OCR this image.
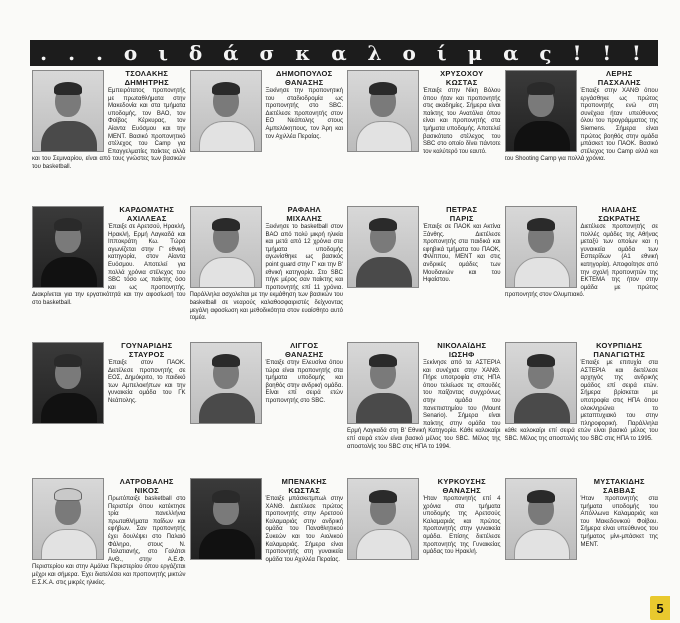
. . . ο ι δ ά σ κ α λ ο ί μ α ς ! ! !
ΤΣΟΛΑΚΗΣ
ΔΗΜΗΤΡΗΣ
Εμπειρότατος προπονητής με πρωταθλήματα στην Μακεδονία και στα τμήματα υποδομής, τον ΒΑΟ, τον Φοίβος Κέρκυρας, τον Αίαντα Ευόσμου και την ΜΕΝΤ. Βασικό προπονητικό στέλεχος του Camp για Επαγγελματίες παίκτες αλλά και του Σεμιναρίου, είναι από τους γνώστες των βασικών του basketball.
ΔΗΜΟΠΟΥΛΟΣ
ΘΑΝΑΣΗΣ
Ξεκίνησε την προπονητική του σταδιοδρομία ως προπονητής στο SBC. Διετέλεσε προπονητής στον ΕΟ Νεάπολης στους Αμπελόκηπους, τον Άρη και τον Αχιλλέα Περαίας.
ΧΡΥΣΟΧΟΥ
ΚΩΣΤΑΣ
Έπαιξε στην Νίκη Βόλου όπου ήταν και προπονητής στις ακαδημίες. Σήμερα είναι παίκτης του Ανατόλια όπου είναι και προπονητής στα τμήματα υποδομής. Αποτελεί βασικότατο στέλεχος του SBC στο οποίο δίνει πάντοτε τον καλύτερό του εαυτό.
ΛΕΡΗΣ
ΠΑΣΧΑΛΗΣ
Έπαιξε στην ΧΑΝΘ όπου εργάσθηκε ως πρώτος προπονητής ενώ στη συνέχεια ήταν υπεύθυνος όλου του προγράμματος της Siemens. Σήμερα είναι πρώτος βοηθός στην ομάδα μπάσκετ του ΠΑΟΚ. Βασικό στέλεχος του Camp αλλά και του Shooting Camp για πολλά χρόνια.
ΚΑΡΔΟΜΑΤΗΣ
ΑΧΙΛΛΕΑΣ
Έπαιξε σε Αρετσού, Ηρακλή, Ηρακλή, Ερμή Λαγκαδά και Ιπποκράτη Κω. Τώρα αγωνίζεται στην Γ' εθνική κατηγορία, στον Αίαντα Ευόσμου. Αποτελεί για πολλά χρόνια στέλεχος του SBC τόσο ως παίκτης όσο και ως προπονητής. Διακρίνεται για την εργατικότητά και την αφοσίωσή του στο basketball.
ΡΑΦΑΗΛ
ΜΙΧΑΛΗΣ
Ξεκίνησε το basketball στον ΒΑΟ από πολύ μικρή ηλικία και μετά από 12 χρόνια στα τμήματα υποδομής αγωνίσθηκε ως βασικός point guard στην Γ' και την Β' εθνική κατηγορία. Στο SBC πήγε μέρος σαν παίκτης και προπονητής επί 11 χρόνια. Παράλληλα ασχολείται με την εκμάθηση των βασικών του basketball σε νεαρούς καλαθοσφαιριστές δείχνοντας μεγάλη αφοσίωση και μεθοδικότητα στον ευαίσθητο αυτό τομέα.
ΠΕΤΡΑΣ
ΠΑΡΙΣ
Έπαιξε σε ΠΑΟΚ και Ακτίνα Ξάνθης. Διετέλεσε προπονητής στα παιδικά και εφηβικά τμήματα του ΠΑΟΚ, Φιλίππου, ΜΕΝΤ και στις ανδρικές ομάδες των Μουδανιών και του Ηφαίστου.
ΗΛΙΑΔΗΣ
ΣΩΚΡΑΤΗΣ
Διετέλεσε προπονητής σε πολλές ομάδες της Αθήνας μεταξύ των οποίων και η γυναικεία ομάδα των Εσπερίδων (Α1 εθνική κατηγορία). Αποφοίτησε από την σχολή προπονητών της ΕΚΤΕΜΑ της ήτον στην ομάδα με πρώτος προπονητής στον Ολυμπιακό.
ΓΟΥΝΑΡΙΔΗΣ
ΣΤΑΥΡΟΣ
Έπαιξε στον ΠΑΟΚ. Διετέλεσε προπονητής σε ΕΟΣ, Δημόκριτο, το παιδικό των Αμπελοκήπων και την γυναικεία ομάδα του ΓΚ Νεάπολης.
ΛΙΓΓΟΣ
ΘΑΝΑΣΗΣ
Έπαιξε στην Ελευσίνα όπου τώρα είναι προπονητής στα τμήματα υποδομής και βοηθός στην ανδρική ομάδα. Είναι επί σειρά ετών προπονητής στο SBC.
ΝΙΚΟΛΑΪΔΗΣ
ΙΩΣΗΦ
Ξεκίνησε από τα ΑΣΤΕΡΙΑ και συνέχισε στην ΧΑΝΘ. Πήρε υποτροφία στις ΗΠΑ όπου τελείωσε τις σπουδές του παίζοντας συγχρόνως στην ομάδα του πανεπιστημίου του (Mount Senario). Σήμερα είναι παίκτης στην ομάδα του Ερμή Λαγκαδά στη Β' Εθνική Κατηγορία. Κάθε καλοκαίρι επί σειρά ετών είναι βασικό μέλος του SBC. Μέλος της αποστολής του SBC στις ΗΠΑ το 1994.
ΚΟΥΡΠΙΔΗΣ
ΠΑΝΑΓΙΩΤΗΣ
Έπαιξε με επιτυχία στα ΑΣΤΕΡΙΑ και διετέλεσε αρχηγός της ανδρικής ομάδος επί σειρά ετών. Σήμερα βρίσκεται με υποτροφία στις ΗΠΑ όπου ολοκληρώνει το μεταπτυχιακό του στην πληροφορική. Παράλληλα κάθε καλοκαίρι επί σειρά ετών είναι βασικό μέλος του SBC. Μέλος της αποστολής του SBC στις ΗΠΑ το 1995.
ΛΑΤΡΟΒΑΛΗΣ
ΝΙΚΟΣ
Πρωτόπαιξε basketball στο Περιστέρι όπου κατέκτησε τρία πανελλήνια πρωταθλήματα παίδων και εφήβων. Σαν προπονητής έχει δουλέψει στο Παλαιό Φάληρο, στους Ν. Παλατιανής, στο Γαλάτσι ΑνΘ., στην Α.Ε.Φ. Περιστερίου και στην Αμάλια Περιστερίου όπου εργάζεται μέχρι και σήμερα. Έχει διατελέσει και προπονητής μικτών Ε.Σ.Κ.Α. στις μικρές ηλικίες.
ΜΠΕΝΑΚΗΣ
ΚΩΣΤΑΣ
Έπαιξε μπάσκετμπωλ στην ΧΑΝΘ. Διετέλεσε πρώτος προπονητής στην Αρετσού Καλαμαριάς στην ανδρική ομάδα του Παναθλητικού Συκεών και του Αιολικού Καλαμαριάς. Σήμερα είναι προπονητής στη γυναικεία ομάδα του Αχιλλέα Περαίας.
ΚΥΡΚΟΥΣΗΣ
ΘΑΝΑΣΗΣ
Ήταν προπονητής επί 4 χρόνια στα τμήματα υποδομής της Αρετσούς Καλαμαριάς και πρώτος προπονητής στην γυναικεία ομάδα. Επίσης διετέλεσε προπονητής της Γυναικείας ομάδας του Ηρακλή.
ΜΥΣΤΑΚΙΔΗΣ
ΣΑΒΒΑΣ
Ήταν προπονητής στα τμήματα υποδομής του Απόλλωνα Καλαμαριάς και του Μακεδονικού Φοίβου. Σήμερα είναι υπεύθυνος του τμήματος μίνι-μπάσκετ της ΜΕΝΤ.
5
